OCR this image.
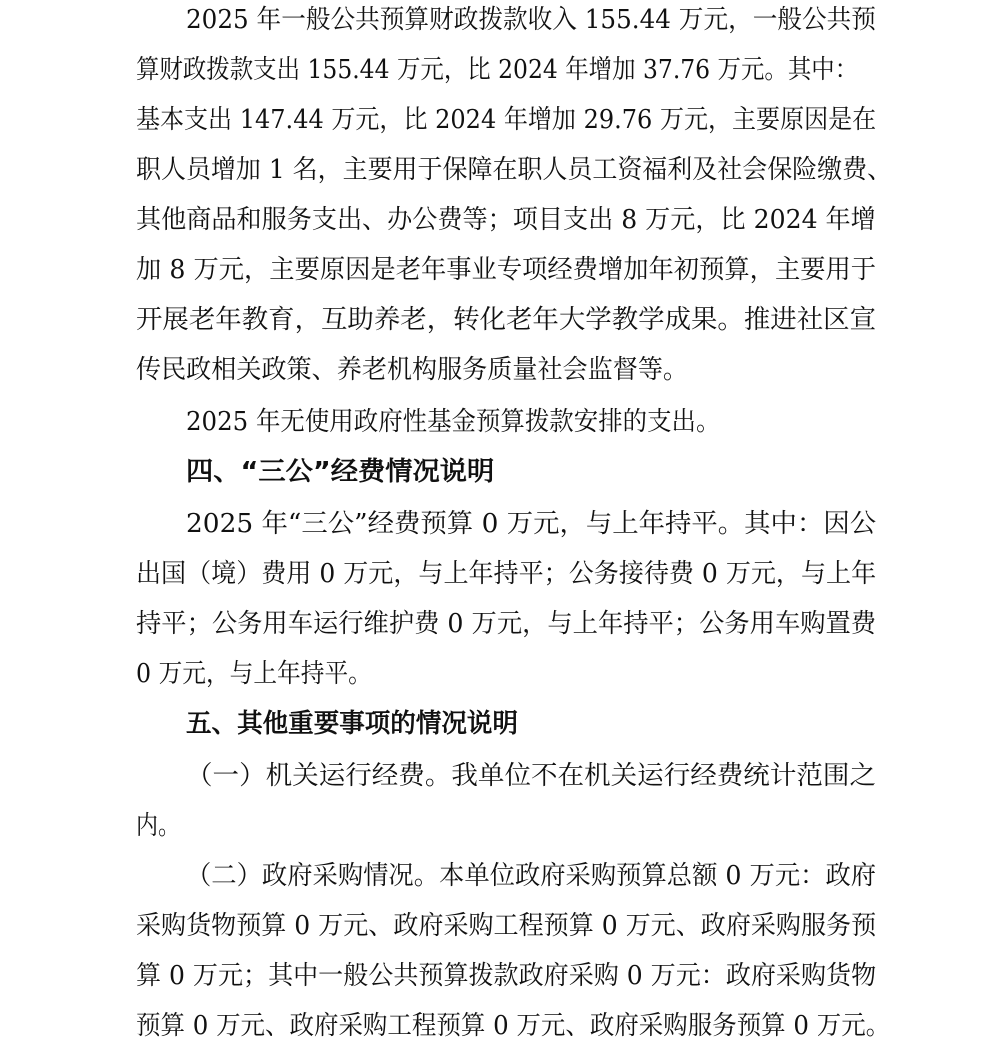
2025 年一般公共预算财政拨款收入 155.44 万元，一般公共预
算财政拨款支出 155.44 万元，比 2024 年增加 37.76 万元。其中：
基本支出 147.44 万元，比 2024 年增加 29.76 万元，主要原因是在
职人员增加 1 名，主要用于保障在职人员工资福利及社会保险缴费、
其他商品和服务支出、办公费等；项目支出 8 万元，比 2024 年增
加 8 万元，主要原因是老年事业专项经费增加年初预算，主要用于
开展老年教育，互助养老，转化老年大学教学成果。推进社区宣
传民政相关政策、养老机构服务质量社会监督等。
2025 年无使用政府性基金预算拨款安排的支出。
四、“三公”经费情况说明
2025 年“三公”经费预算 0 万元，与上年持平。其中：因公
出国（境）费用 0 万元，与上年持平；公务接待费 0 万元，与上年
持平；公务用车运行维护费 0 万元，与上年持平；公务用车购置费
0 万元，与上年持平。
五、其他重要事项的情况说明
（一）机关运行经费。我单位不在机关运行经费统计范围之
内。
（二）政府采购情况。本单位政府采购预算总额 0 万元：政府
采购货物预算 0 万元、政府采购工程预算 0 万元、政府采购服务预
算 0 万元；其中一般公共预算拨款政府采购 0 万元：政府采购货物
预算 0 万元、政府采购工程预算 0 万元、政府采购服务预算 0 万元。
